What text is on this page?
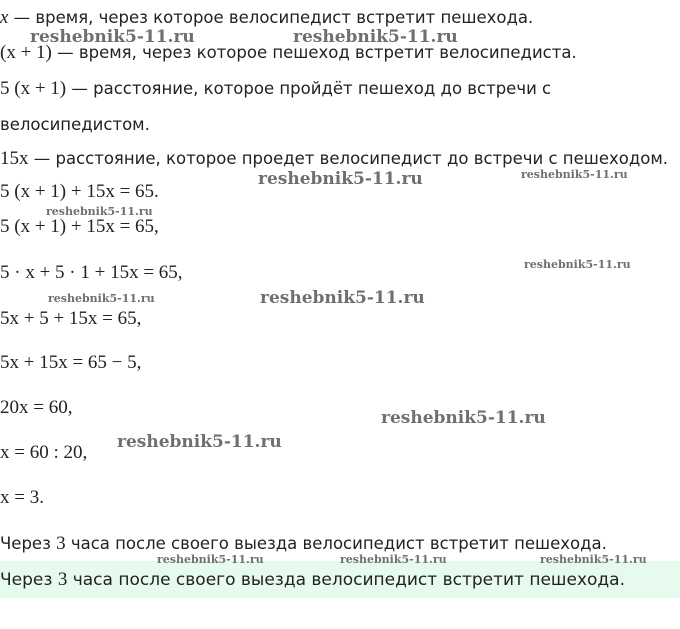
x — время, через которое велосипедист встретит пешехода.
(x + 1) — время, через которое пешеход встретит велосипедиста.
5 (x + 1) — расстояние, которое пройдёт пешеход до встречи с
велосипедистом.
15x — расстояние, которое проедет велосипедист до встречи с пешеходом.
5 (x + 1) + 15x = 65.
5 (x + 1) + 15x = 65,
5 · x + 5 · 1 + 15x = 65,
5x + 5 + 15x = 65,
5x + 15x = 65 − 5,
20x = 60,
x = 60 : 20,
x = 3.
Через 3 часа после своего выезда велосипедист встретит пешехода.
Через 3 часа после своего выезда велосипедист встретит пешехода.
reshebnik5-11.ru	reshebnik5-11.ru
reshebnik5-11.ru	reshebnik5-11.ru
reshebnik5-11.ru
reshebnik5-11.ru
reshebnik5-11.ru	reshebnik5-11.ru
reshebnik5-11.ru
reshebnik5-11.ru
reshebnik5-11.ru	reshebnik5-11.ru	reshebnik5-11.ru
